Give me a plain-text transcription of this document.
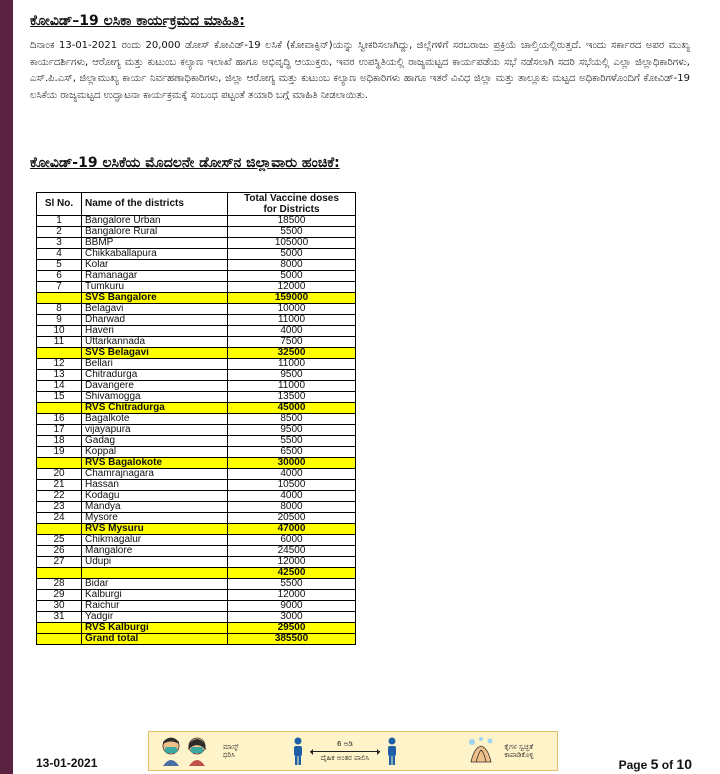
ಕೋವಿಡ್–19 ಲಸಿಕಾ ಕಾರ್ಯಕ್ರಮದ ಮಾಹಿತಿ:

ದಿನಾಂಕ 13-01-2021 ರಂದು 20,000 ಡೋಸ್ ಕೋವಿಡ್-19 ಲಸಿಕೆ (ಕೋವಾಕ್ಸಿನ್)ಯನ್ನು ಸ್ವೀಕರಿಸಲಾಗಿದ್ದು, ಜಿಲ್ಲೆಗಳಿಗೆ ಸರಬರಾಜು ಪ್ರಕ್ರಿಯೆ ಚಾಲ್ತಿಯಲ್ಲಿರುತ್ತದೆ. ಇಂದು ಸರ್ಕಾರದ ಅಪರ ಮುಖ್ಯ ಕಾರ್ಯದರ್ಶಿಗಳು, ಆರೋಗ್ಯ ಮತ್ತು ಕುಟುಂಬ ಕಲ್ಯಾಣ ಇಲಾಖೆ ಹಾಗೂ ಅಭಿವೃದ್ಧಿ ಆಯುಕ್ತರು, ಇವರ ಉಪಸ್ಥಿತಿಯಲ್ಲಿ ರಾಜ್ಯಮಟ್ಟದ ಕಾರ್ಯಪಡೆಯ ಸಭೆ ನಡೆಸಲಾಗಿ ಸದರಿ ಸಭೆಯಲ್ಲಿ ಎಲ್ಲಾ ಜಿಲ್ಲಾಧಿಕಾರಿಗಳು, ಎಸ್.ಪಿ.ಎಸ್, ಜಿಲ್ಲಾಮುಖ್ಯ ಕಾರ್ಯ ನಿರ್ವಹಣಾಧಿಕಾರಿಗಳು, ಜಿಲ್ಲಾ ಆರೋಗ್ಯ ಮತ್ತು ಕುಟುಂಬ ಕಲ್ಯಾಣ ಅಧಿಕಾರಿಗಳು ಹಾಗೂ ಇತರೆ ವಿವಿಧ ಜಿಲ್ಲಾ ಮತ್ತು ತಾಲ್ಲೂಕು ಮಟ್ಟದ ಅಧಿಕಾರಿಗಳೊಂದಿಗೆ ಕೋವಿಡ್-19 ಲಸಿಕೆಯ ರಾಜ್ಯಮಟ್ಟದ ಉದ್ಘಾಟನಾ ಕಾರ್ಯಕ್ರಮಕ್ಕೆ ಸಂಬಂಧ ಪಟ್ಟಂತೆ ತಯಾರಿ ಬಗ್ಗೆ ಮಾಹಿತಿ ನೀಡಲಾಯಿತು.

ಕೋವಿಡ್-19 ಲಸಿಕೆಯ ಮೊದಲನೇ ಡೋಸ್‌ನ ಜಿಲ್ಲಾವಾರು ಹಂಚಿಕೆ:
Sl No.	Name of the districts	Total Vaccine doses
for Districts
1	Bangalore Urban	18500
2	Bangalore Rural	5500
3	BBMP	105000
4	Chikkaballapura	5000
5	Kolar	8000
6	Ramanagar	5000
7	Tumkuru	12000
	SVS Bangalore	159000
8	Belagavi	10000
9	Dharwad	11000
10	Haveri	4000
11	Uttarkannada	7500
	SVS Belagavi	32500
12	Bellari	11000
13	Chitradurga	9500
14	Davangere	11000
15	Shivamogga	13500
	RVS Chitradurga	45000
16	Bagalkote	8500
17	vijayapura	9500
18	Gadag	5500
19	Koppal	6500
	RVS Bagalokote	30000
20	Chamrajnagara	4000
21	Hassan	10500
22	Kodagu	4000
23	Mandya	8000
24	Mysore	20500
	RVS Mysuru	47000
25	Chikmagalur	6000
26	Mangalore	24500
27	Udupi	12000
		42500
28	Bidar	5500
29	Kalburgi	12000
30	Raichur	9000
31	Yadgir	3000
	RVS Kalburgi	29500
	Grand total	385500
ಮಾಸ್ಕ್
ಧರಿಸಿ
6 ಅಡಿ
ದೈಹಿಕ ಅಂತರ ಪಾಲಿಸಿ
ಕೈಗಳ ಸ್ವಚ್ಛತೆ
ಕಾಪಾಡಿಕೊಳ್ಳಿ
13-01-2021	Page 5 of 10
